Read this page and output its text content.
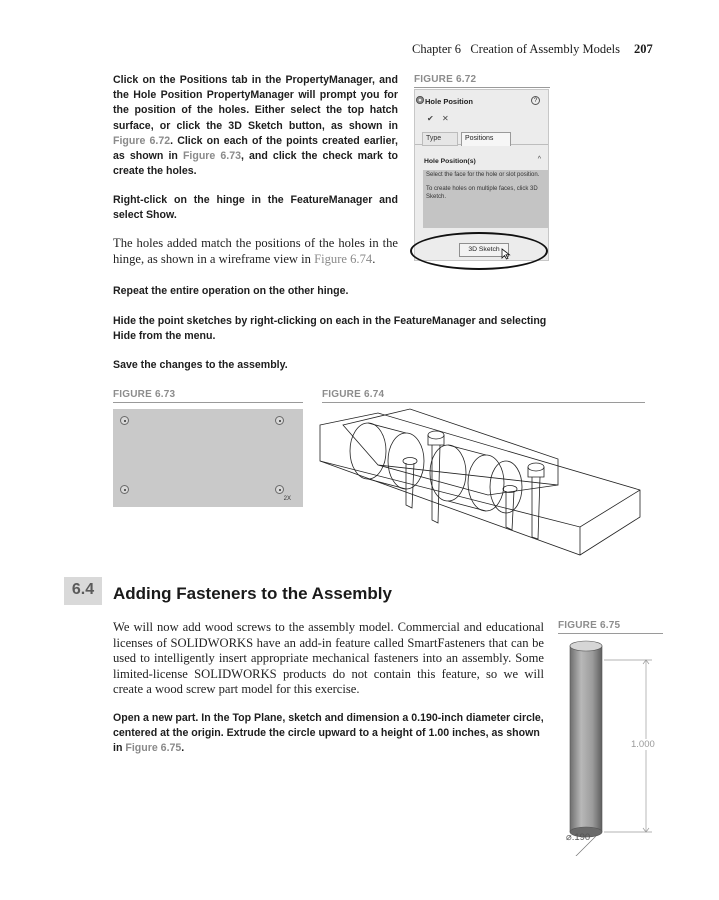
Chapter 6 Creation of Assembly Models 207

Click on the Positions tab in the PropertyManager, and the Hole Position PropertyManager will prompt you for the position of the holes. Either select the top hatch surface, or click the 3D Sketch button, as shown in Figure 6.72. Click on each of the points created earlier, as shown in Figure 6.73, and click the check mark to create the holes.

Right-click on the hinge in the FeatureManager and select Show.

The holes added match the positions of the holes in the hinge, as shown in a wireframe view in Figure 6.74.

Repeat the entire operation on the other hinge.

Hide the point sketches by right-clicking on each in the FeatureManager and selecting Hide from the menu.

Save the changes to the assembly.

FIGURE 6.72
Hole Position	?
✔ ✕
Type	Positions
Hole Position(s)	^

Select the face for the hole or slot position.

To create holes on multiple faces, click 3D Sketch.

3D Sketch
FIGURE 6.73
2X
FIGURE 6.74
6.4	Adding Fasteners to the Assembly

We will now add wood screws to the assembly model. Commercial and educational licenses of SOLIDWORKS have an add-in feature called SmartFasteners that can be used to intelligently insert appropriate mechanical fasteners into an assembly. Some limited-license SOLIDWORKS products do not contain this feature, so we will create a wood screw part model for this exercise.

Open a new part. In the Top Plane, sketch and dimension a 0.190-inch diameter circle, centered at the origin. Extrude the circle upward to a height of 1.00 inches, as shown in Figure 6.75.

FIGURE 6.75
1.000
⌀.190
